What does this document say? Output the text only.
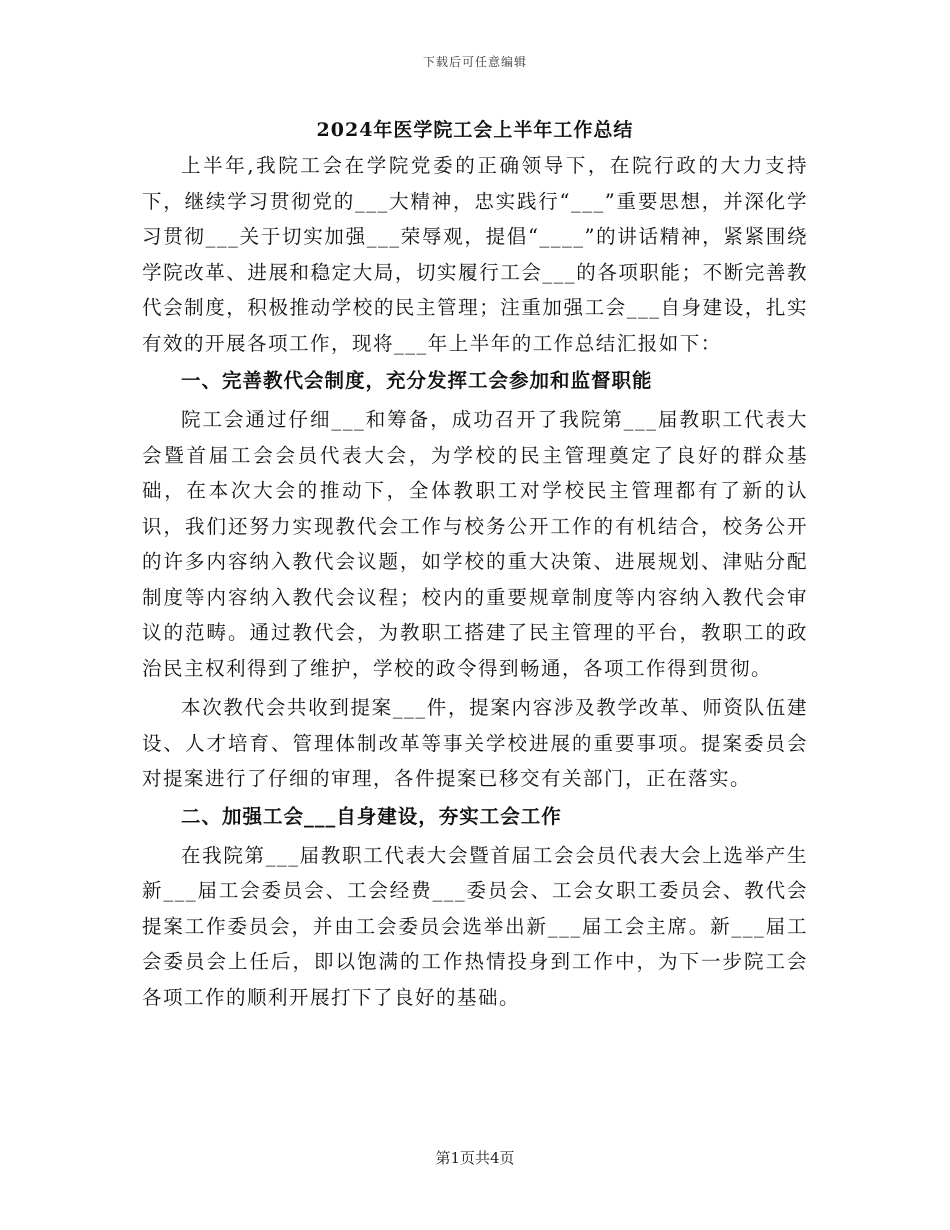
下载后可任意编辑
2024年医学院工会上半年工作总结

上半年,我院工会在学院党委的正确领导下，在院行政的大力支持下，继续学习贯彻党的___大精神，忠实践行“___”重要思想，并深化学习贯彻___关于切实加强___荣辱观，提倡“____”的讲话精神，紧紧围绕学院改革、进展和稳定大局，切实履行工会___的各项职能；不断完善教代会制度，积极推动学校的民主管理；注重加强工会___自身建设，扎实有效的开展各项工作，现将___年上半年的工作总结汇报如下：

一、完善教代会制度，充分发挥工会参加和监督职能

院工会通过仔细___和筹备，成功召开了我院第___届教职工代表大会暨首届工会会员代表大会，为学校的民主管理奠定了良好的群众基础，在本次大会的推动下，全体教职工对学校民主管理都有了新的认识，我们还努力实现教代会工作与校务公开工作的有机结合，校务公开的许多内容纳入教代会议题，如学校的重大决策、进展规划、津贴分配制度等内容纳入教代会议程；校内的重要规章制度等内容纳入教代会审议的范畴。通过教代会，为教职工搭建了民主管理的平台，教职工的政治民主权利得到了维护，学校的政令得到畅通，各项工作得到贯彻。

本次教代会共收到提案___件，提案内容涉及教学改革、师资队伍建设、人才培育、管理体制改革等事关学校进展的重要事项。提案委员会对提案进行了仔细的审理，各件提案已移交有关部门，正在落实。

二、加强工会___自身建设，夯实工会工作

在我院第___届教职工代表大会暨首届工会会员代表大会上选举产生新___届工会委员会、工会经费___委员会、工会女职工委员会、教代会提案工作委员会，并由工会委员会选举出新___届工会主席。新___届工会委员会上任后，即以饱满的工作热情投身到工作中，为下一步院工会各项工作的顺利开展打下了良好的基础。

第1页共4页
